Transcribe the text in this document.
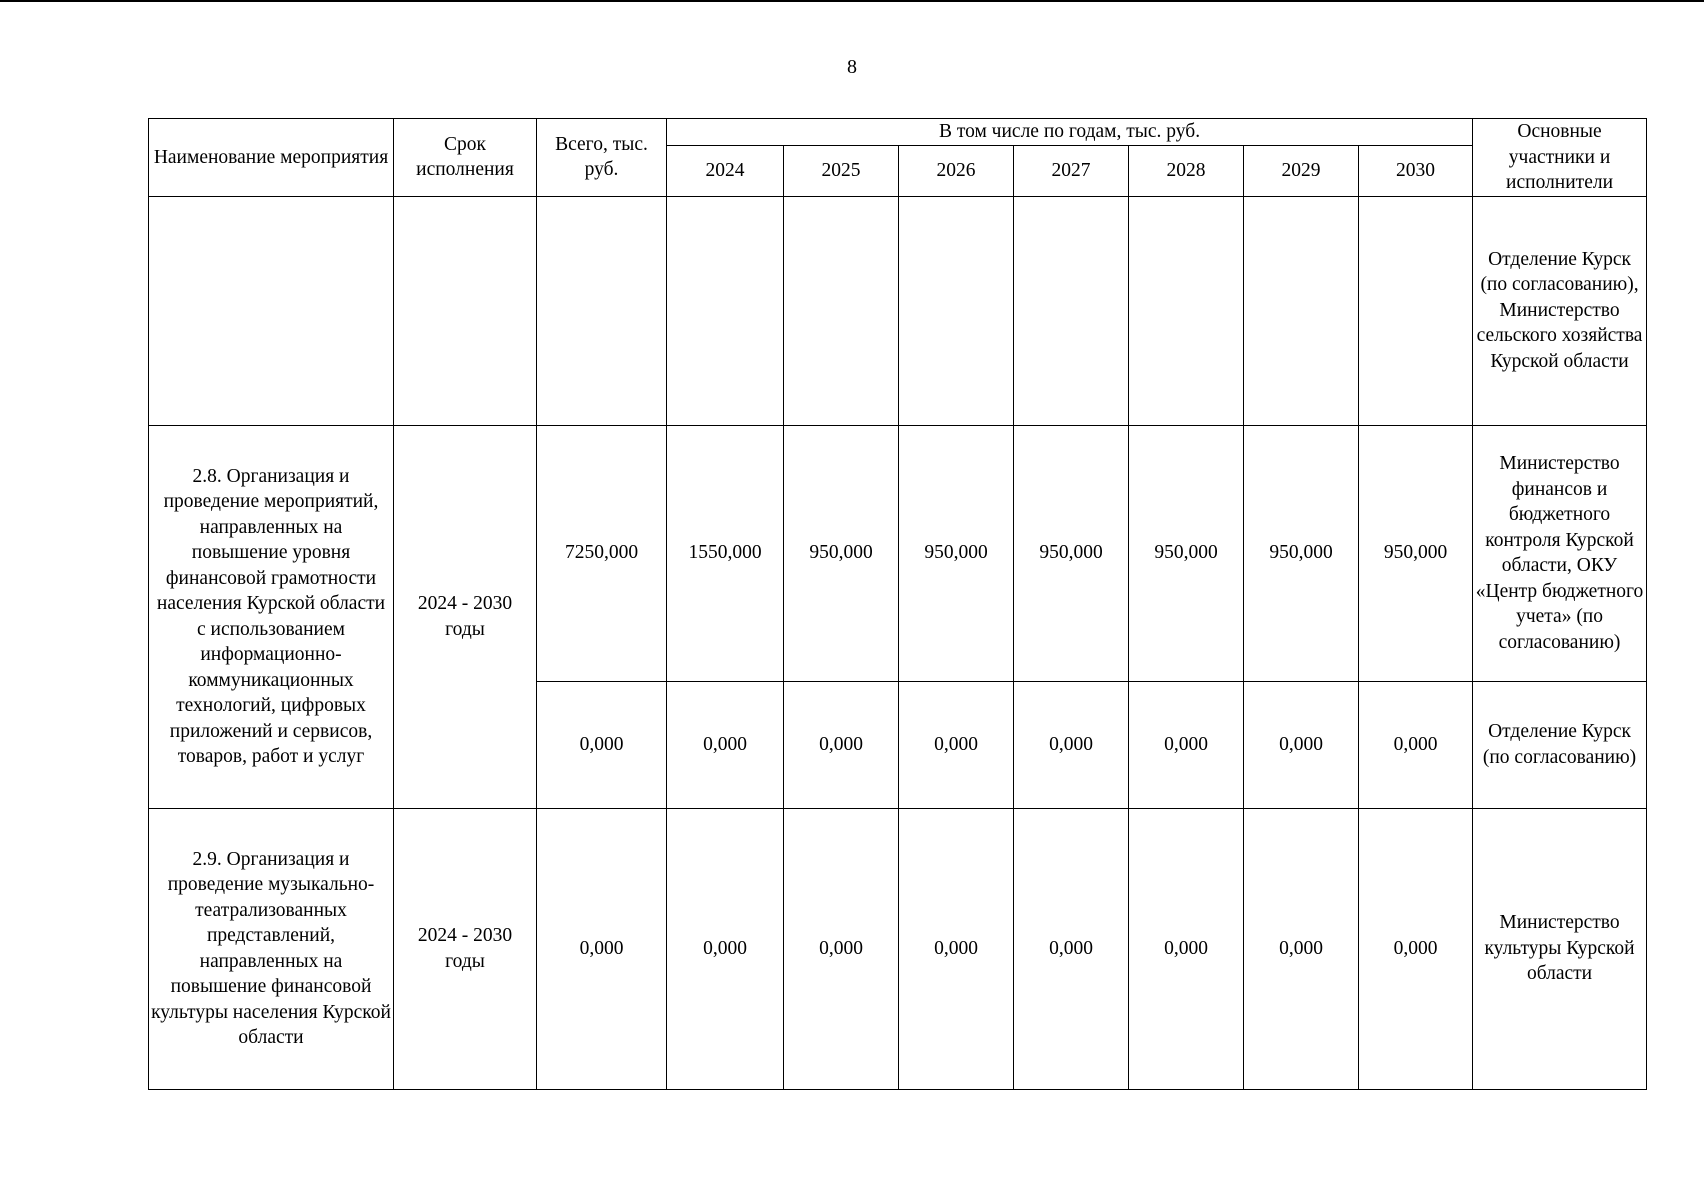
8
Наименование мероприятия	Срок исполнения	Всего, тыс. руб.	В том числе по годам, тыс. руб.							Основные участники и исполнители
			2024	2025	2026	2027	2028	2029	2030	
										Отделение Курск (по согласованию), Министерство сельского хозяйства Курской области
2.8. Организация и проведение мероприятий, направленных на повышение уровня финансовой грамотности населения Курской области с использованием информационно-коммуникационных технологий, цифровых приложений и сервисов, товаров, работ и услуг	2024 - 2030 годы	7250,000	1550,000	950,000	950,000	950,000	950,000	950,000	950,000	Министерство финансов и бюджетного контроля Курской области, ОКУ «Центр бюджетного учета» (по согласованию)
		0,000	0,000	0,000	0,000	0,000	0,000	0,000	0,000	Отделение Курск (по согласованию)
2.9. Организация и проведение музыкально-театрализованных представлений, направленных на повышение финансовой культуры населения Курской области	2024 - 2030 годы	0,000	0,000	0,000	0,000	0,000	0,000	0,000	0,000	Министерство культуры Курской области
